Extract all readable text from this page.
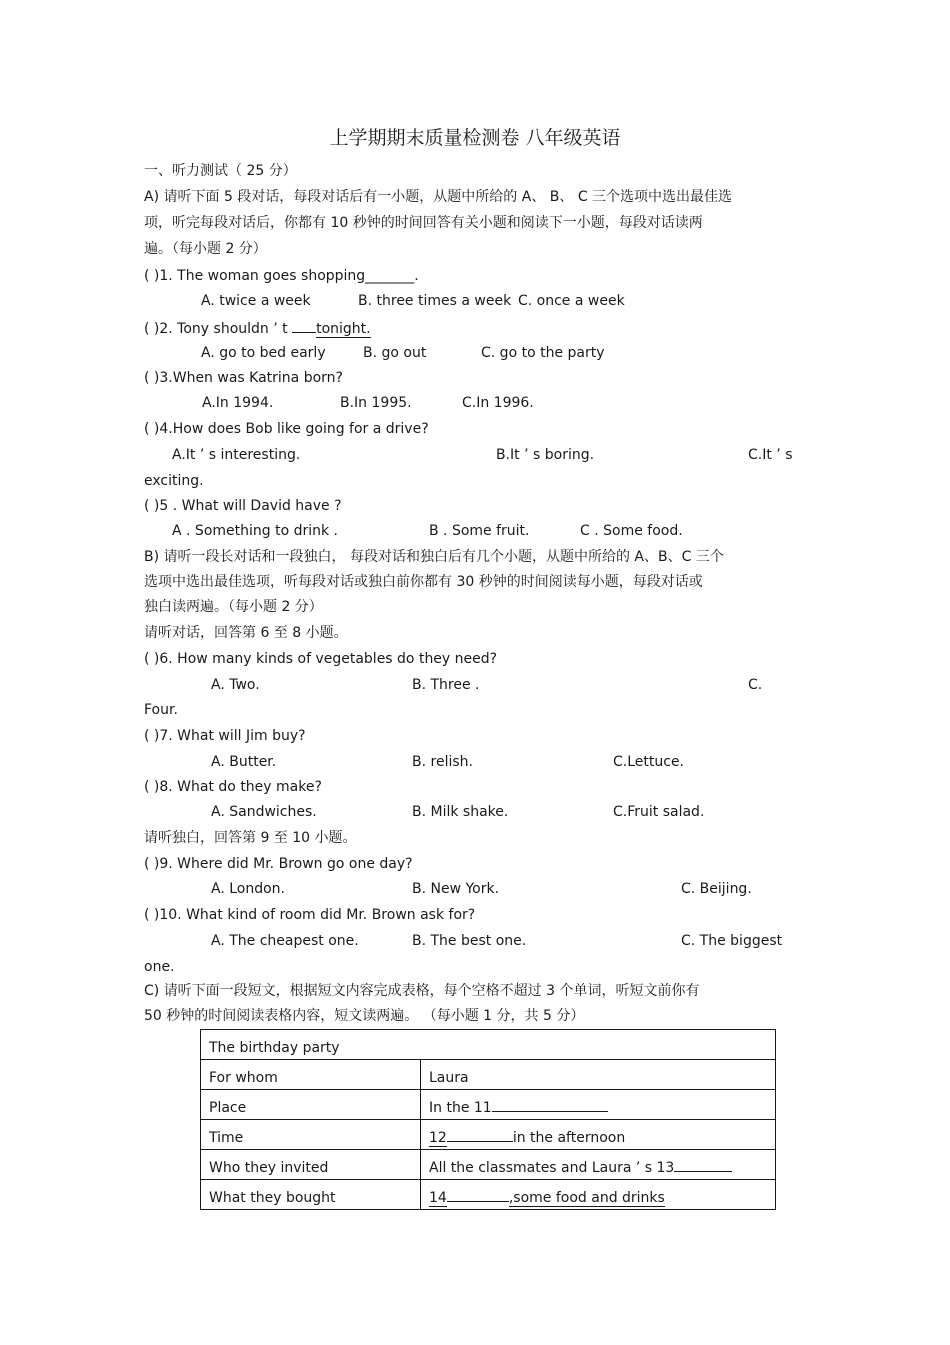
上学期期末质量检测卷 八年级英语
一、听力测试（ 25 分）
A) 请听下面 5 段对话，每段对话后有一小题，从题中所给的 A、 B、 C 三个选项中选出最佳选
项，听完每段对话后，你都有 10 秒钟的时间回答有关小题和阅读下一小题，每段对话读两
遍。（每小题 2 分）
( )1. The woman goes shopping_______.
A. twice a week	B. three times a week C. once a week
( )2. Tony shouldn ’ t tonight.
A. go to bed early	B. go out	C. go to the party
( )3.When was Katrina born?
A.In 1994.	B.In 1995.	C.In 1996.
( )4.How does Bob like going for a drive?
A.It ’ s interesting.	B.It ’ s boring.	C.It ’ s
exciting.
( )5 . What will David have ?
A . Something to drink .	B . Some fruit.	C . Some food.
B) 请听一段长对话和一段独白， 每段对话和独白后有几个小题，从题中所给的 A、B、C 三个
选项中选出最佳选项，听每段对话或独白前你都有 30 秒钟的时间阅读每小题，每段对话或
独白读两遍。（每小题 2 分）
请听对话，回答第 6 至 8 小题。
( )6. How many kinds of vegetables do they need?
A. Two.	B. Three .	C.
Four.
( )7. What will Jim buy?
A. Butter.	B. relish.	C.Lettuce.
( )8. What do they make?
A. Sandwiches.	B. Milk shake.	C.Fruit salad.
请听独白，回答第 9 至 10 小题。
( )9. Where did Mr. Brown go one day?
A. London.	B. New York.	C. Beijing.
( )10. What kind of room did Mr. Brown ask for?
A. The cheapest one.	B. The best one.	C. The biggest
one.
C) 请听下面一段短文，根据短文内容完成表格，每个空格不超过 3 个单词，听短文前你有
50 秒钟的时间阅读表格内容，短文读两遍。 （每小题 1 分，共 5 分）
The birthday party	
For whom	Laura
Place	In the 11
Time	12 in the afternoon
Who they invited	All the classmates and Laura ’ s 13
What they bought	14 ,some food and drinks
